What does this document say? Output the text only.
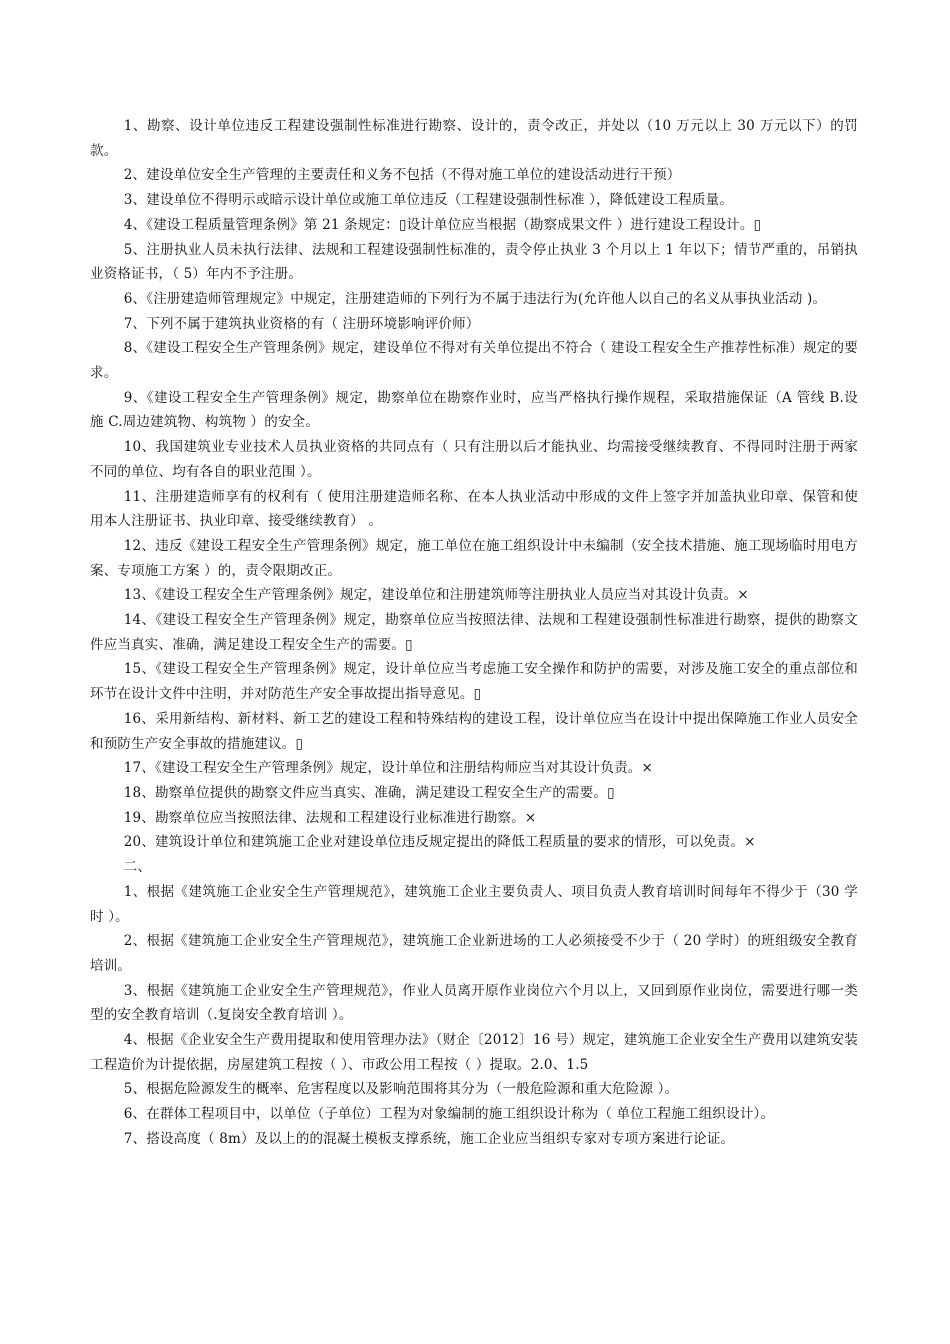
1、勘察、设计单位违反工程建设强制性标准进行勘察、设计的，责令改正，并处以（10 万元以上 30 万元以下）的罚款。

2、建设单位安全生产管理的主要责任和义务不包括（不得对施工单位的建设活动进行干预）

3、建设单位不得明示或暗示设计单位或施工单位违反（工程建设强制性标准 ），降低建设工程质量。

4、《建设工程质量管理条例》第 21 条规定：▯设计单位应当根据（勘察成果文件 ）进行建设工程设计。▯

5、注册执业人员未执行法律、法规和工程建设强制性标准的，责令停止执业 3 个月以上 1 年以下；情节严重的，吊销执业资格证书，（ 5）年内不予注册。

6、《注册建造师管理规定》中规定，注册建造师的下列行为不属于违法行为(允许他人以自己的名义从事执业活动 )。

7、下列不属于建筑执业资格的有（ 注册环境影响评价师）

8、《建设工程安全生产管理条例》规定，建设单位不得对有关单位提出不符合（ 建设工程安全生产推荐性标准）规定的要求。

9、《建设工程安全生产管理条例》规定，勘察单位在勘察作业时，应当严格执行操作规程，采取措施保证（A 管线 B.设施 C.周边建筑物、构筑物 ）的安全。

10、我国建筑业专业技术人员执业资格的共同点有（ 只有注册以后才能执业、均需接受继续教育、不得同时注册于两家不同的单位、均有各自的职业范围 ）。

11、注册建造师享有的权利有（ 使用注册建造师名称、在本人执业活动中形成的文件上签字并加盖执业印章、保管和使用本人注册证书、执业印章、接受继续教育） 。

12、违反《建设工程安全生产管理条例》规定，施工单位在施工组织设计中未编制（安全技术措施、施工现场临时用电方案、专项施工方案 ）的，责令限期改正。

13、《建设工程安全生产管理条例》规定，建设单位和注册建筑师等注册执业人员应当对其设计负责。×

14、《建设工程安全生产管理条例》规定，勘察单位应当按照法律、法规和工程建设强制性标准进行勘察，提供的勘察文件应当真实、准确，满足建设工程安全生产的需要。▯

15、《建设工程安全生产管理条例》规定，设计单位应当考虑施工安全操作和防护的需要，对涉及施工安全的重点部位和环节在设计文件中注明，并对防范生产安全事故提出指导意见。▯

16、采用新结构、新材料、新工艺的建设工程和特殊结构的建设工程，设计单位应当在设计中提出保障施工作业人员安全和预防生产安全事故的措施建议。▯

17、《建设工程安全生产管理条例》规定，设计单位和注册结构师应当对其设计负责。×

18、勘察单位提供的勘察文件应当真实、准确，满足建设工程安全生产的需要。▯

19、勘察单位应当按照法律、法规和工程建设行业标准进行勘察。×

20、建筑设计单位和建筑施工企业对建设单位违反规定提出的降低工程质量的要求的情形，可以免责。×

二、

1、根据《建筑施工企业安全生产管理规范》，建筑施工企业主要负责人、项目负责人教育培训时间每年不得少于（30 学时 ）。

2、根据《建筑施工企业安全生产管理规范》，建筑施工企业新进场的工人必须接受不少于（ 20 学时）的班组级安全教育培训。

3、根据《建筑施工企业安全生产管理规范》，作业人员离开原作业岗位六个月以上，又回到原作业岗位，需要进行哪一类型的安全教育培训（.复岗安全教育培训 ）。

4、根据《企业安全生产费用提取和使用管理办法》（财企〔2012〕16 号）规定，建筑施工企业安全生产费用以建筑安装工程造价为计提依据，房屋建筑工程按（ ）、市政公用工程按（ ）提取。2.0、1.5

5、根据危险源发生的概率、危害程度以及影响范围将其分为（一般危险源和重大危险源 ）。

6、在群体工程项目中，以单位（子单位）工程为对象编制的施工组织设计称为（ 单位工程施工组织设计）。

7、搭设高度（ 8m）及以上的的混凝土模板支撑系统，施工企业应当组织专家对专项方案进行论证。
